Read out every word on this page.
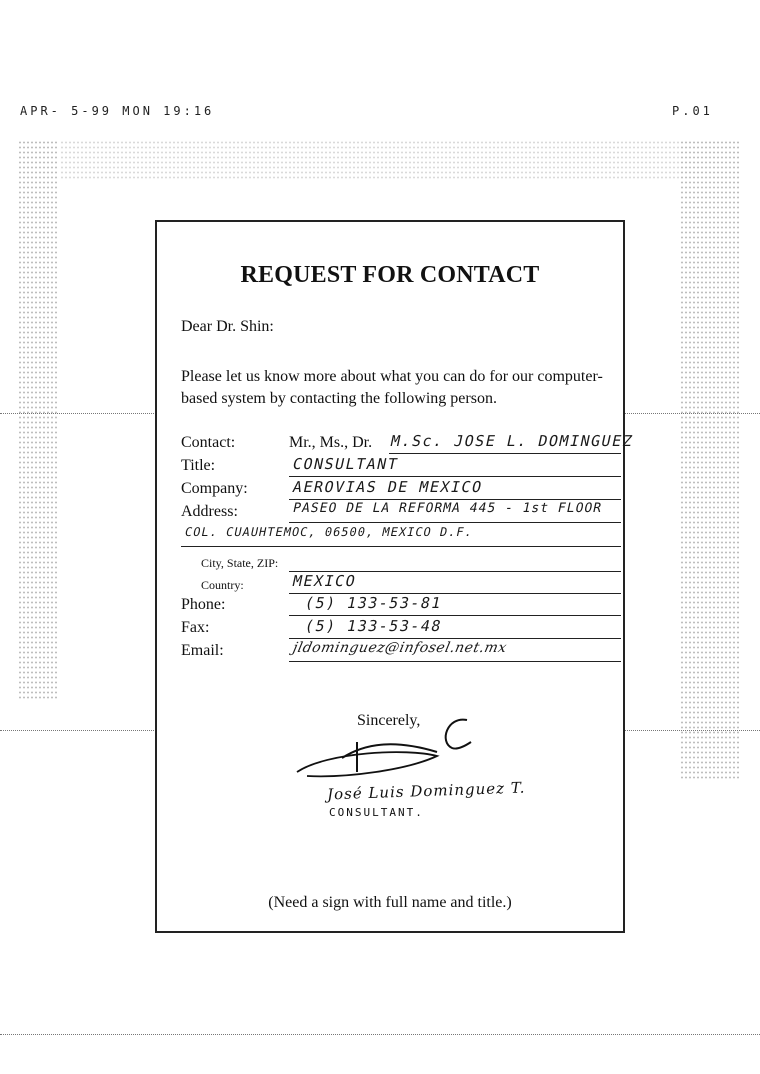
APR- 5-99 MON 19:16	P.01
REQUEST FOR CONTACT
Dear Dr. Shin:
Please let us know more about what you can do for our computer-based system by contacting the following person.
Contact:	Mr., Ms., Dr. M.Sc. JOSE L. DOMINGUEZ
Title:	CONSULTANT
Company:	AEROVIAS DE MEXICO
Address:	PASEO DE LA REFORMA 445 - 1st FLOOR
COL. CUAUHTEMOC, 06500, MEXICO D.F.
City, State, ZIP:
Country:	MEXICO
Phone:	(5) 133-53-81
Fax:	(5) 133-53-48
Email:	jldominguez@infosel.net.mx
Sincerely,
José Luis Dominguez T.
CONSULTANT.
(Need a sign with full name and title.)
